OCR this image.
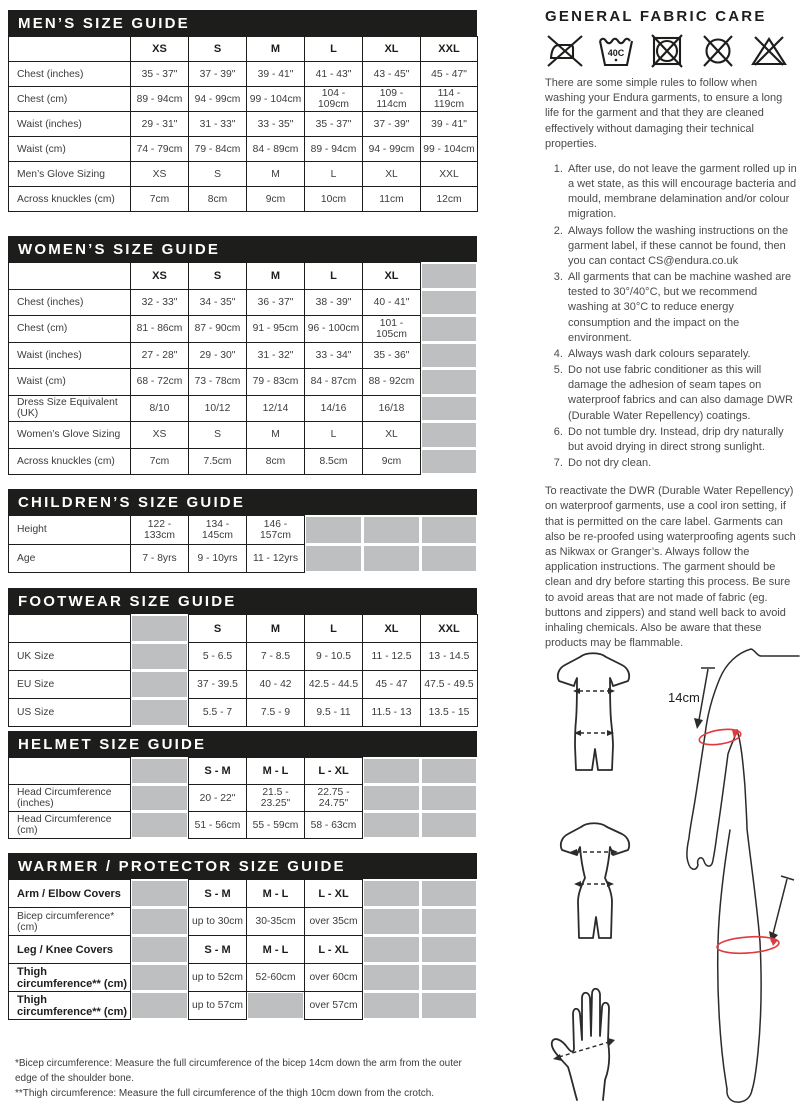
MEN’S SIZE GUIDE
	XS	S	M	L	XL	XXL
Chest (inches)	35 - 37"	37 - 39"	39 - 41"	41 - 43"	43 - 45"	45 - 47"
Chest (cm)	89 - 94cm	94 - 99cm	99 - 104cm	104 - 109cm	109 - 114cm	114 - 119cm
Waist (inches)	29 - 31"	31 - 33"	33 - 35"	35 - 37"	37 - 39"	39 - 41"
Waist (cm)	74 - 79cm	79 - 84cm	84 - 89cm	89 - 94cm	94 - 99cm	99 - 104cm
Men’s Glove Sizing	XS	S	M	L	XL	XXL
Across knuckles (cm)	7cm	8cm	9cm	10cm	11cm	12cm
WOMEN’S SIZE GUIDE
	XS	S	M	L	XL	
Chest (inches)	32 - 33"	34 - 35"	36 - 37"	38 - 39"	40 - 41"	
Chest (cm)	81 - 86cm	87 - 90cm	91 - 95cm	96 - 100cm	101 - 105cm	
Waist (inches)	27 - 28"	29 - 30"	31 - 32"	33 - 34"	35 - 36"	
Waist (cm)	68 - 72cm	73 - 78cm	79 - 83cm	84 - 87cm	88 - 92cm	
Dress Size Equivalent (UK)	8/10	10/12	12/14	14/16	16/18	
Women’s Glove Sizing	XS	S	M	L	XL	
Across knuckles (cm)	7cm	7.5cm	8cm	8.5cm	9cm	
CHILDREN’S SIZE GUIDE
Height	122 - 133cm	134 - 145cm	146 - 157cm			
Age	7 - 8yrs	9 - 10yrs	11 - 12yrs			
FOOTWEAR SIZE GUIDE
		S	M	L	XL	XXL
UK Size		5 - 6.5	7 - 8.5	9 - 10.5	11 - 12.5	13 - 14.5
EU Size		37 - 39.5	40 - 42	42.5 - 44.5	45 - 47	47.5 - 49.5
US Size		5.5 - 7	7.5 - 9	9.5 - 11	11.5 - 13	13.5 - 15
HELMET SIZE GUIDE
		S - M	M - L	L - XL		
Head Circumference (inches)		20 - 22"	21.5 - 23.25"	22.75 - 24.75"		
Head Circumference (cm)		51 - 56cm	55 - 59cm	58 - 63cm		
WARMER / PROTECTOR SIZE GUIDE
Arm / Elbow Covers		S - M	M - L	L - XL		
Bicep circumference* (cm)		up to 30cm	30-35cm	over 35cm		
Leg / Knee Covers		S - M	M - L	L - XL		
Thigh circumference** (cm)		up to 52cm	52-60cm	over 60cm		
Thigh circumference** (cm)		up to 57cm		over 57cm		

*Bicep circumference: Measure the full circumference of the bicep 14cm down the arm from the outer edge of the shoulder bone.

**Thigh circumference: Measure the full circumference of the thigh 10cm down from the crotch.

GENERAL FABRIC CARE
40C

There are some simple rules to follow when washing your Endura garments, to ensure a long life for the garment and that they are cleaned effectively without damaging their technical properties.

1. After use, do not leave the garment rolled up in a wet state, as this will encourage bacteria and mould, membrane delamination and/or colour migration.
2. Always follow the washing instructions on the garment label, if these cannot be found, then you can contact CS@endura.co.uk
3. All garments that can be machine washed are tested to 30°/40°C, but we recommend washing at 30°C to reduce energy consumption and the impact on the environment.
4. Always wash dark colours separately.
5. Do not use fabric conditioner as this will damage the adhesion of seam tapes on waterproof fabrics and can also damage DWR (Durable Water Repellency) coatings.
6. Do not tumble dry. Instead, drip dry naturally but avoid drying in direct strong sunlight.
7. Do not dry clean.

To reactivate the DWR (Durable Water Repellency) on waterproof garments, use a cool iron setting, if that is permitted on the care label. Garments can also be re-proofed using waterproofing agents such as Nikwax or Granger’s. Always follow the application instructions. The garment should be clean and dry before starting this process. Be sure to avoid areas that are not made of fabric (eg. buttons and zippers) and stand well back to avoid inhaling chemicals. Also be aware that these products may be flammable.

14cm
